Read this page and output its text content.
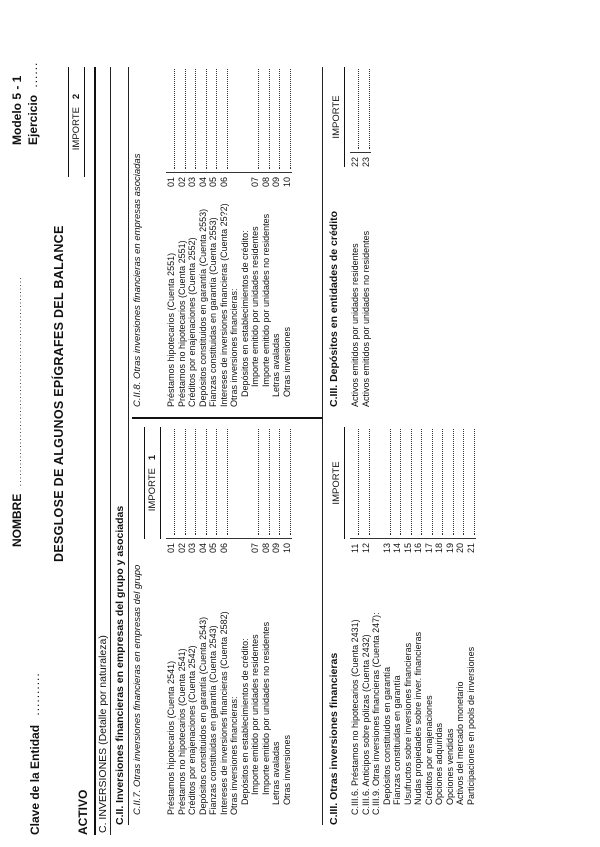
Clave de la Entidad ..........
NOMBRE ............................................................
Modelo 5 - 1 Ejercicio ......
DESGLOSE DE ALGUNOS EPÍGRAFES DEL BALANCE
ACTIVO C. INVERSIONES (Detalle por naturaleza) C.II. Inversiones financieras en empresas del grupo y asociadas C.II.7. Otras inversiones financieras en empresas del grupo
IMPORTE1
Préstamos hipotecarios (Cuenta 2541)
01
Préstamos no hipotecarios (Cuenta 2541)
02
Créditos por enajenaciones (Cuenta 2542)
03
Depósitos constituidos en garantía (Cuenta 2543)
04
Fianzas constituidas en garantía (Cuenta 2543)
05
Intereses de inversiones financieras (Cuenta 2582)
06
Otras inversiones financieras: Depósitos en establecimientos de crédito: Importe emitido por unidades residentes
07
Importe emitido por unidades no residentes
08
Letras avaladas
09
Otras inversiones
10
C.II.8. Otras inversiones financieras en empresas asociadas
IMPORTE2
Préstamos hipotecarios (Cuenta 2551)
01
Préstamos no hipotecarios (Cuenta 2551)
02
Créditos por enajenaciones (Cuenta 2552)
03
Depósitos constituidos en garantía (Cuenta 2553)
04
Fianzas constituidas en garantía (Cuenta 2553)
05
Intereses de inversiones financieras (Cuenta 25?2)
06
Otras inversiones financieras: Depósitos en establecimientos de crédito: Importe emitido por unidades residentes
07
Importe emitido por unidades no residentes
08
Letras avaladas
09
Otras inversiones
10
C.III. Otras inversiones financieras
IMPORTE
C.III.6. Préstamos no hipotecarios (Cuenta 2431)
11
C.III.6. Anticipos sobre pólizas (Cuenta 2432)
12
C.III.9. Otras inversiones financieras (Cuenta 247): Depósitos constituidos en garantía
13
Fianzas constituidas en garantía
14
Usufructos sobre inversiones financieras
15
Nudas propiedades sobre inver. financieras
16
Créditos por enajenaciones
17
Opciones adquiridas
18
Opciones vendidas
19
Activos del mercado monetario
20
Participaciones en pools de inversiones
21
C.III. Depósitos en entidades de crédito
IMPORTE
Activos emitidos por unidades residentes
22
Activos emitidos por unidades no residentes
23
